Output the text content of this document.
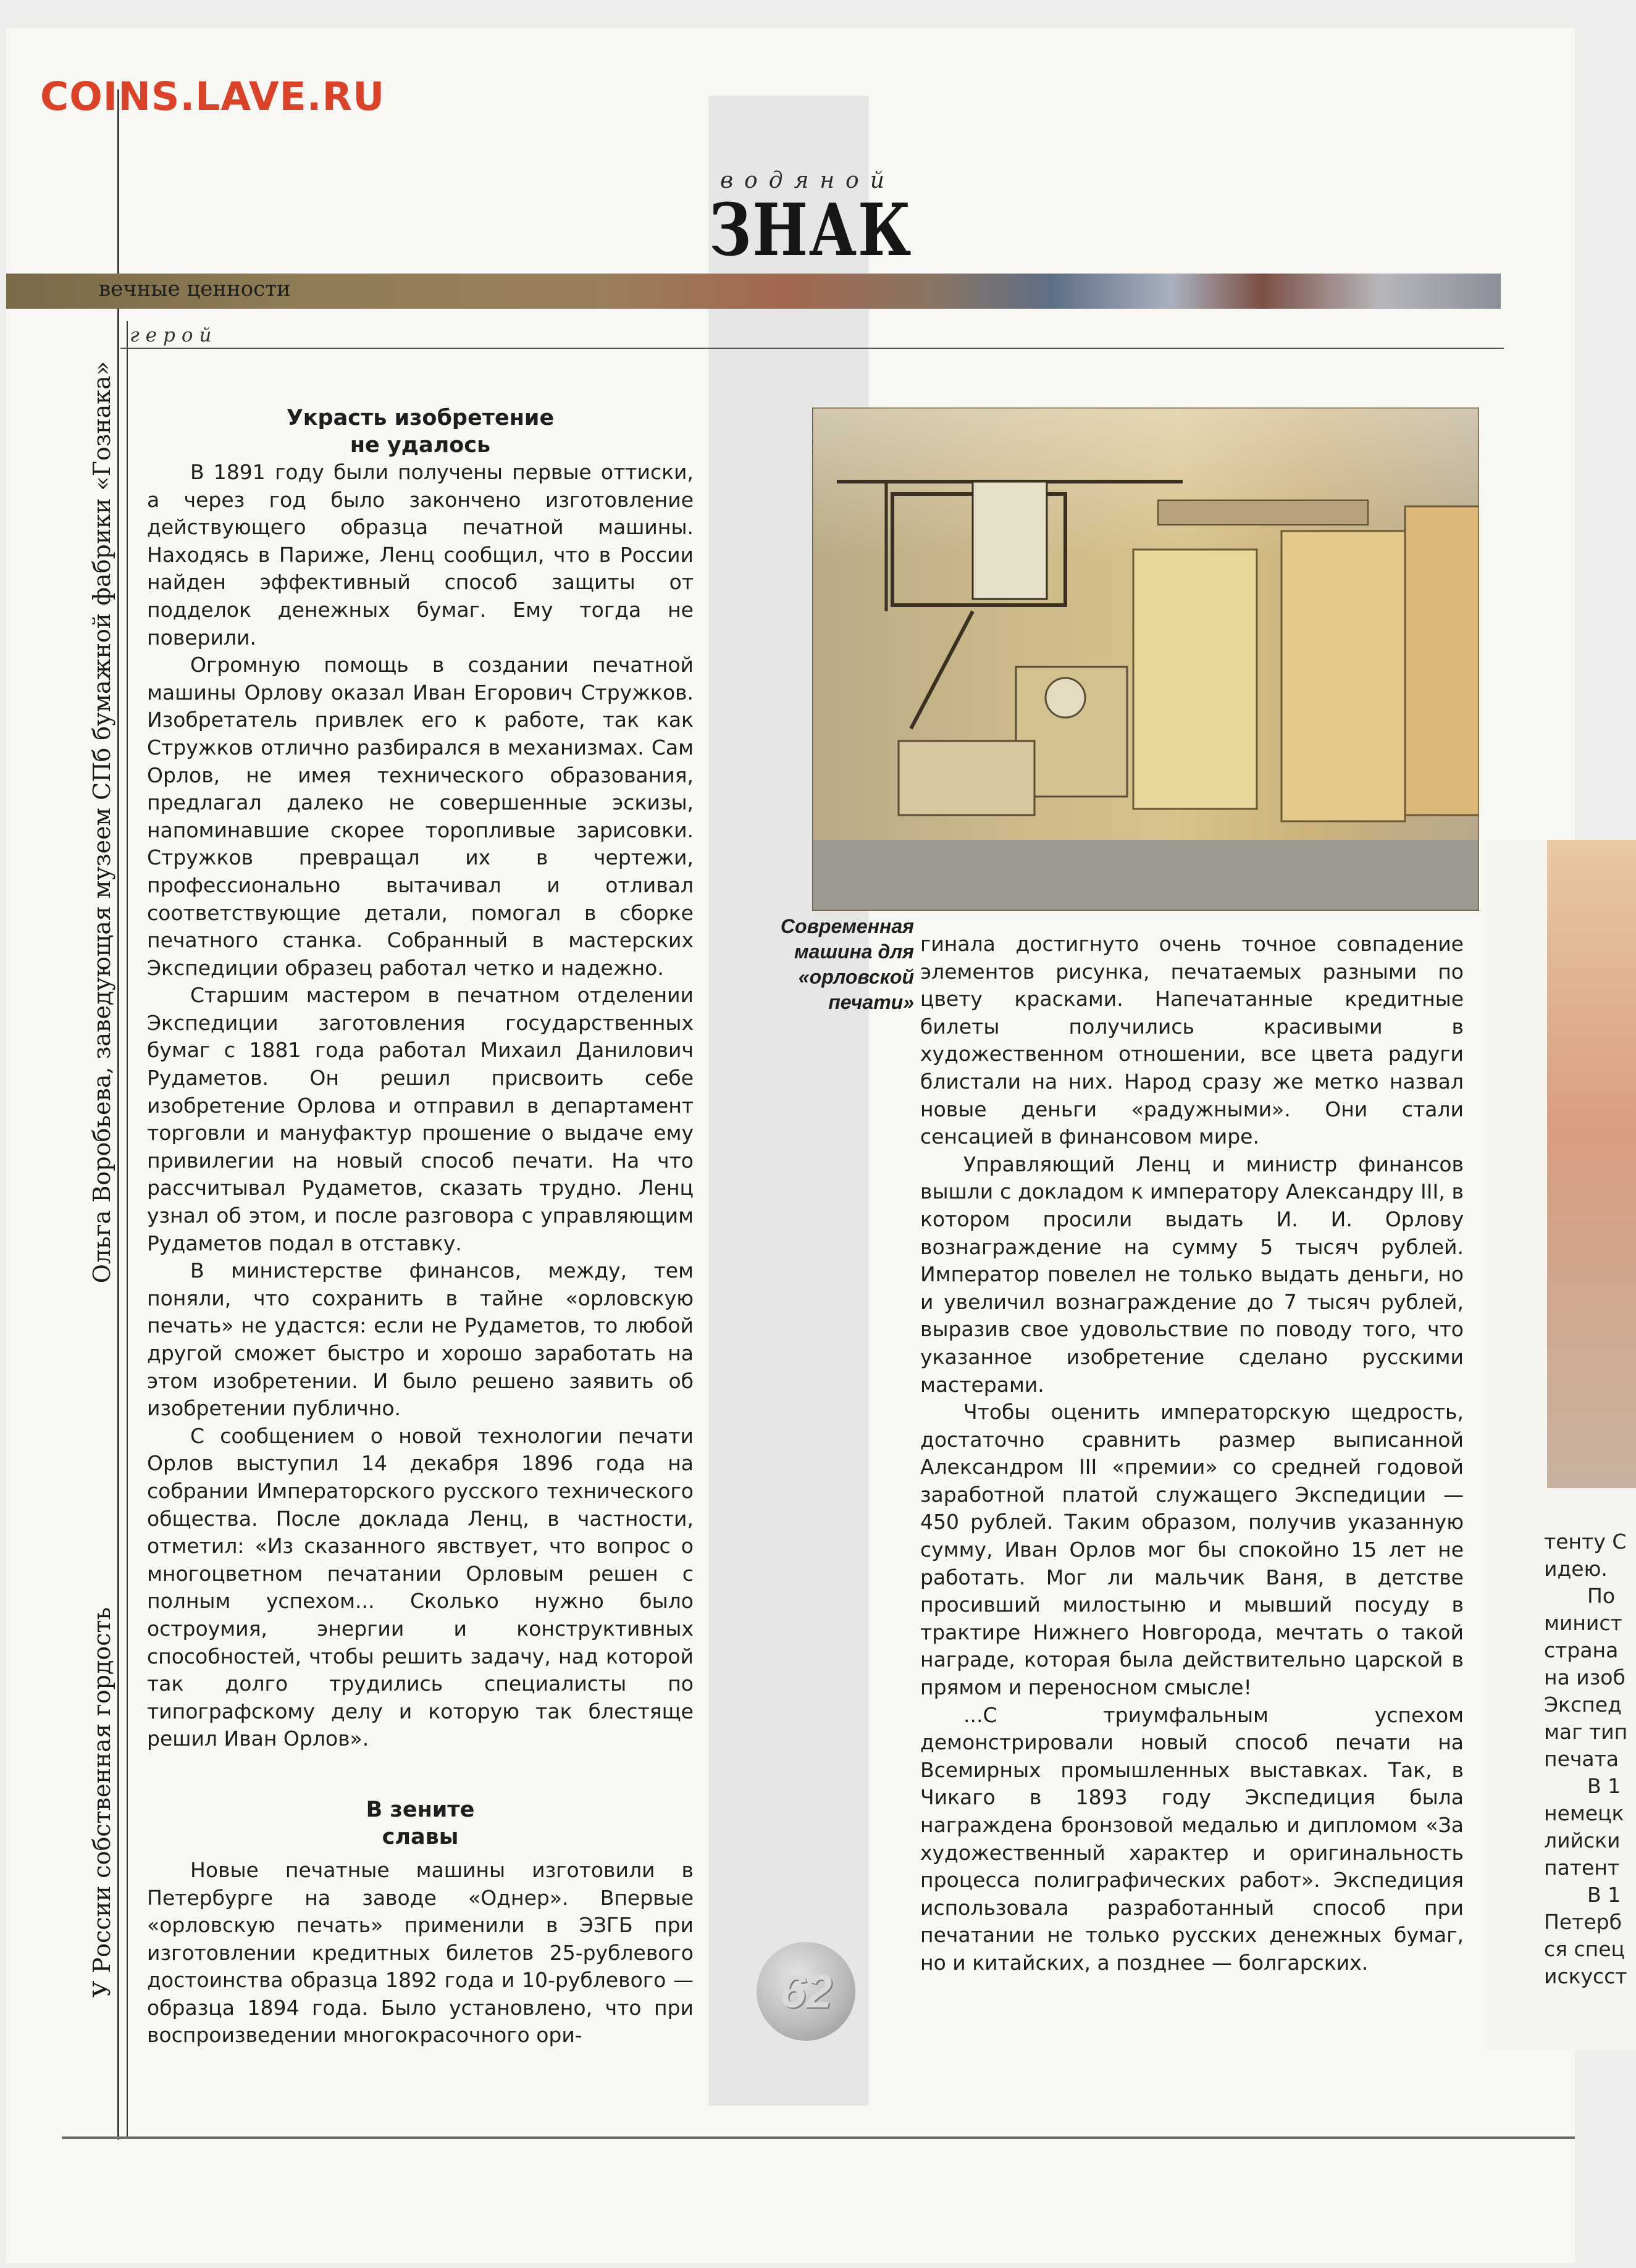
COINS.LAVE.RU
водяной
ЗНАК
вечные ценности
герой
У России собственная гордость
Ольга Воробьева, заведующая музеем СПб бумажной фабрики «Гознака»	Украсть изобретение
не удалось

В 1891 году были получены первые оттиски, а через год было закончено изготовление действующего образца печатной машины. Находясь в Париже, Ленц сообщил, что в России найден эффективный способ защиты от подделок денежных бумаг. Ему тогда не поверили.

Огромную помощь в создании печатной машины Орлову оказал Иван Егорович Стружков. Изобретатель привлек его к работе, так как Стружков отлично разбирался в механизмах. Сам Орлов, не имея технического образования, предлагал далеко не совершенные эскизы, напоминавшие скорее торопливые зарисовки. Стружков превращал их в чертежи, профессионально вытачивал и отливал соответствующие детали, помогал в сборке печатного станка. Собранный в мастерских Экспедиции образец работал четко и надежно.

Старшим мастером в печатном отделении Экспедиции заготовления государственных бумаг с 1881 года работал Михаил Данилович Рудаметов. Он решил присвоить себе изобретение Орлова и отправил в департамент торговли и мануфактур прошение о выдаче ему привилегии на новый способ печати. На что рассчитывал Рудаметов, сказать трудно. Ленц узнал об этом, и после разговора с управляющим Рудаметов подал в отставку.

В министерстве финансов, между, тем поняли, что сохранить в тайне «орловскую печать» не удастся: если не Рудаметов, то любой другой сможет быстро и хорошо заработать на этом изобретении. И было решено заявить об изобретении публично.

С сообщением о новой технологии печати Орлов выступил 14 декабря 1896 года на собрании Императорского русского технического общества. После доклада Ленц, в частности, отметил: «Из сказанного явствует, что вопрос о многоцветном печатании Орловым решен с полным успехом... Сколько нужно было остроумия, энергии и конструктивных способностей, чтобы решить задачу, над которой так долго трудились специалисты по типографскому делу и которую так блестяще решил Иван Орлов».

В зените
славы

Новые печатные машины изготовили в Петербурге на заводе «Однер». Впервые «орловскую печать» применили в ЭЗГБ при изготовлении кредитных билетов 25-рублевого достоинства образца 1892 года и 10-рублевого — образца 1894 года. Было установлено, что при воспроизведении многокрасочного ори-

Современная
машина для
«орловской
печати»

гинала достигнуто очень точное совпадение элементов рисунка, печатаемых разными по цвету красками. Напечатанные кредитные билеты получились красивыми в художественном отношении, все цвета радуги блистали на них. Народ сразу же метко назвал новые деньги «радужными». Они стали сенсацией в финансовом мире.

Управляющий Ленц и министр финансов вышли с докладом к императору Александру III, в котором просили выдать И. И. Орлову вознаграждение на сумму 5 тысяч рублей. Император повелел не только выдать деньги, но и увеличил вознаграждение до 7 тысяч рублей, выразив свое удовольствие по поводу того, что указанное изобретение сделано русскими мастерами.

Чтобы оценить императорскую щедрость, достаточно сравнить размер выписанной Александром III «премии» со средней годовой заработной платой служащего Экспедиции — 450 рублей. Таким образом, получив указанную сумму, Иван Орлов мог бы спокойно 15 лет не работать. Мог ли мальчик Ваня, в детстве просивший милостыню и мывший посуду в трактире Нижнего Новгорода, мечтать о такой награде, которая была действительно царской в прямом и переносном смысле!

...С триумфальным успехом демонстрировали новый способ печати на Всемирных промышленных выставках. Так, в Чикаго в 1893 году Экспедиция была награждена бронзовой медалью и дипломом «За художественный характер и оригинальность процесса полиграфических работ». Экспедиция использовала разработанный способ при печатании не только русских денежных бумаг, но и китайских, а позднее — болгарских.

тенту С
идею.
По
минист
страна
на изоб
Экспед
маг тип
печата
В 1
немецк
лийски
патент
В 1
Петерб
ся спец
искусст
62
